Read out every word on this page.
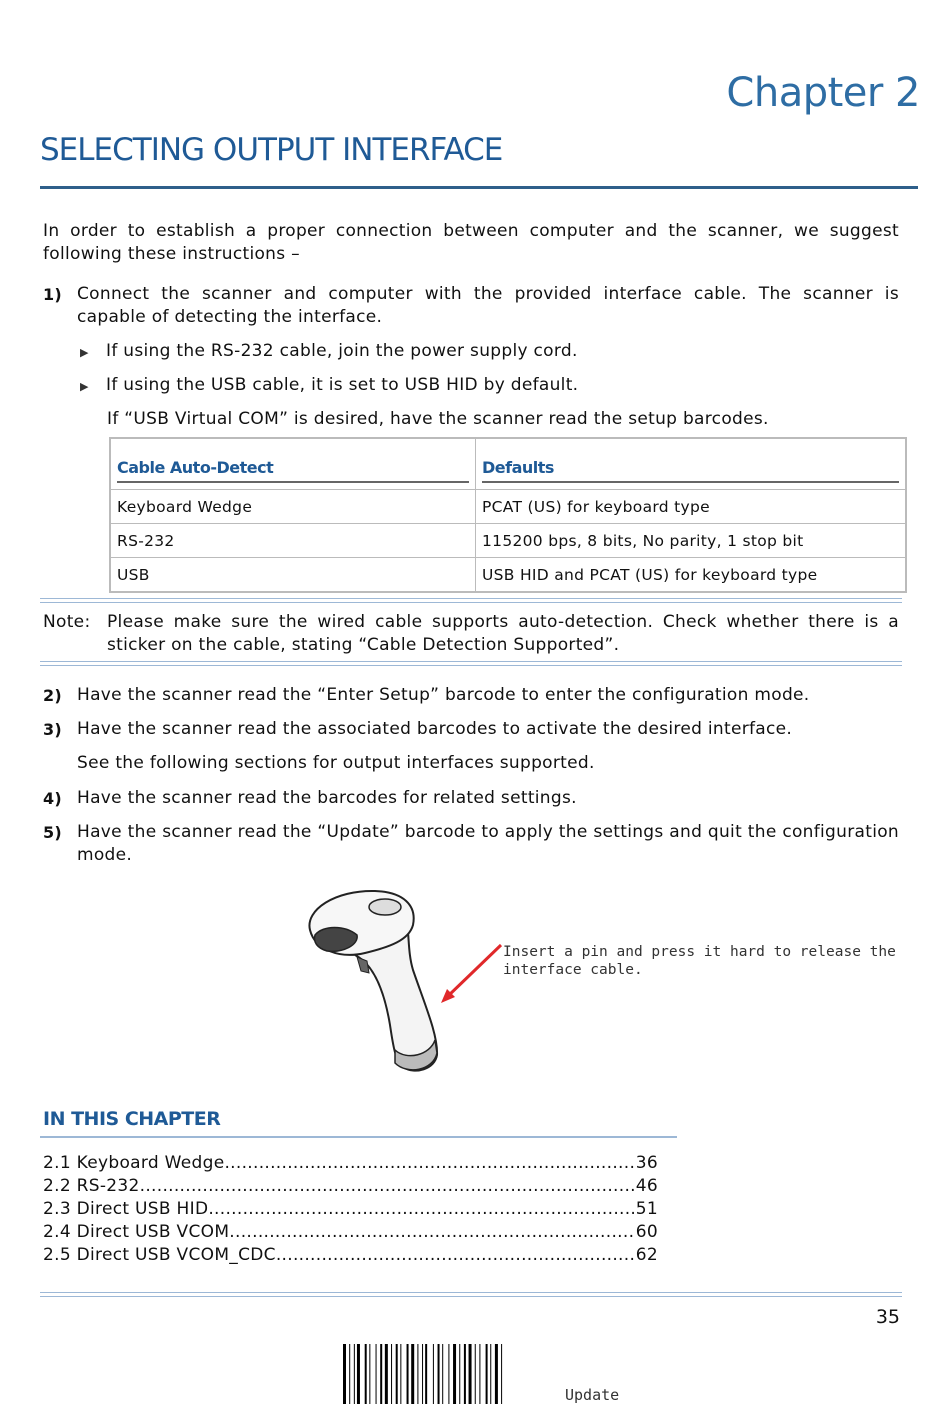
Chapter 2
SELECTING OUTPUT INTERFACE
In order to establish a proper connection between computer and the scanner, we suggest following these instructions –
1) Connect the scanner and computer with the provided interface cable. The scanner is capable of detecting the interface.
▶ If using the RS-232 cable, join the power supply cord.
▶ If using the USB cable, it is set to USB HID by default.
If “USB Virtual COM” is desired, have the scanner read the setup barcodes.
Cable Auto-Detect	Defaults

Keyboard Wedge	PCAT (US) for keyboard type
RS-232	115200 bps, 8 bits, No parity, 1 stop bit
USB	USB HID and PCAT (US) for keyboard type
Note: Please make sure the wired cable supports auto-detection. Check whether there is a sticker on the cable, stating “Cable Detection Supported”.
2) Have the scanner read the “Enter Setup” barcode to enter the configuration mode.
3) Have the scanner read the associated barcodes to activate the desired interface.
See the following sections for output interfaces supported.
4) Have the scanner read the barcodes for related settings.
5) Have the scanner read the “Update” barcode to apply the settings and quit the configuration mode.
Insert a pin and press it hard to release the interface cable.
IN THIS CHAPTER
2.1 Keyboard Wedge .....	36
2.2 RS-232 .....	46
2.3 Direct USB HID .....	51
2.4 Direct USB VCOM .....	60
2.5 Direct USB VCOM_CDC .....	62
35
Update
